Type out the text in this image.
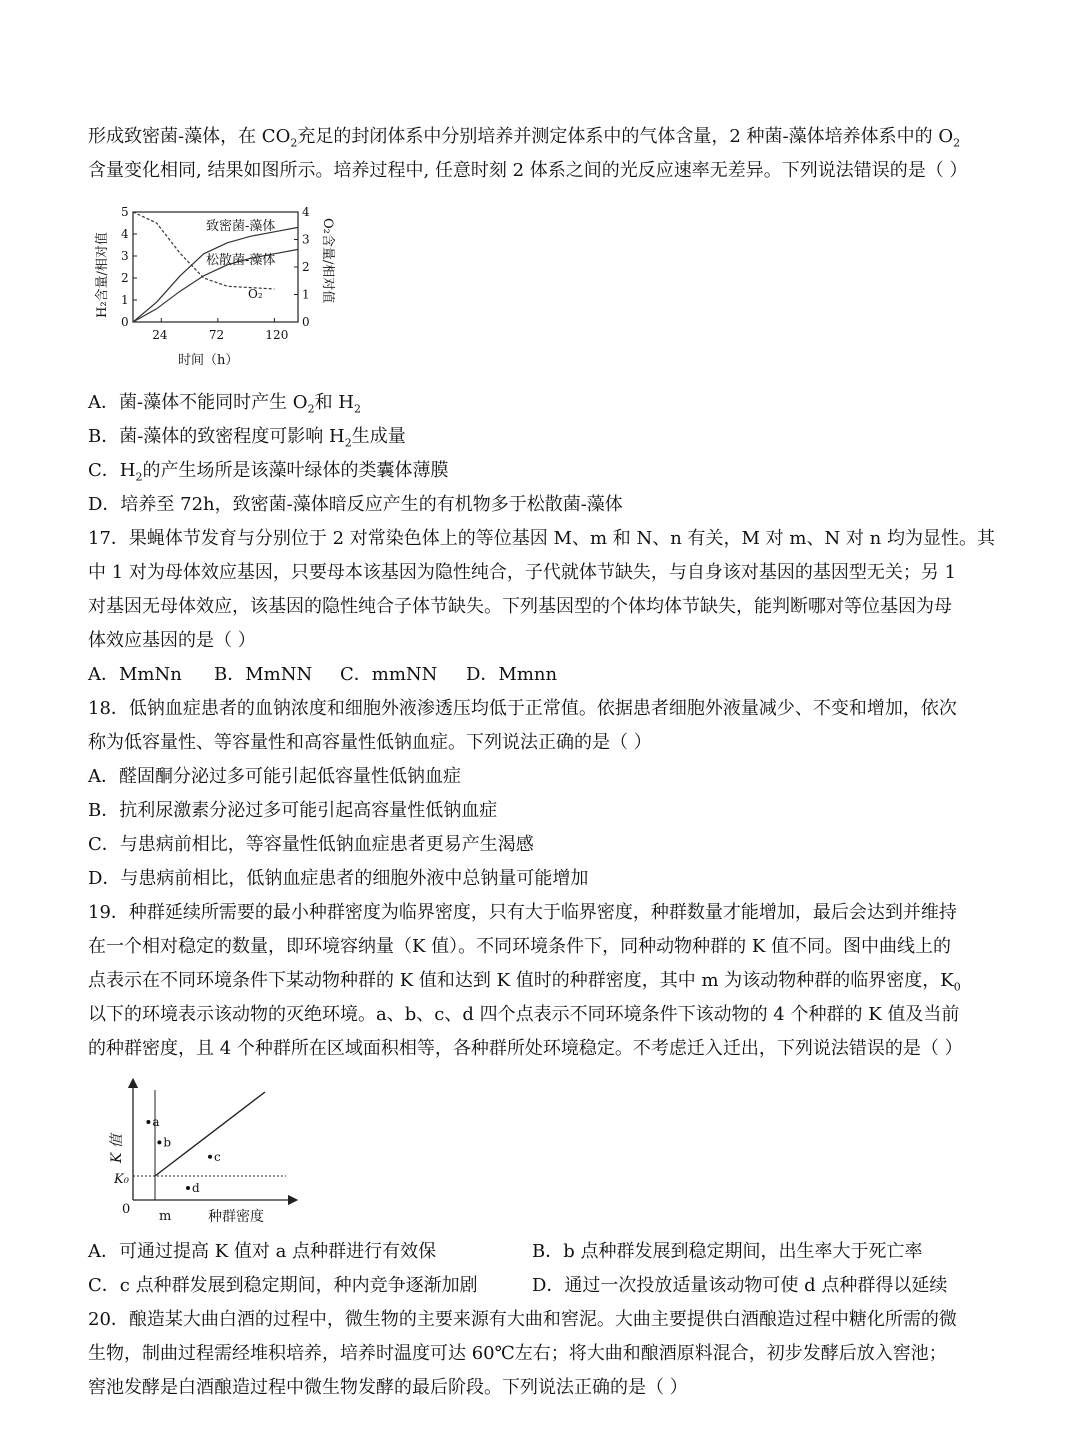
形成致密菌-藻体，在 $CO_2$充足的封闭体系中分别培养并测定体系中的气体含量，2 种菌-藻体培养体系中的 $O_2$
含量变化相同, 结果如图所示。培养过程中, 任意时刻 2 体系之间的光反应速率无差异。下列说法错误的是（ ）
0
1
2
3
4
5
0
1
2
3
4
24	72	120
H₂含量/相对值	O₂含量/相对值
时间（h）
致密菌-藻体
松散菌-藻体
O₂
A．菌-藻体不能同时产生 $O_2$和 $H_2$
B．菌-藻体的致密程度可影响 $H_2$生成量
C．$H_2$的产生场所是该藻叶绿体的类囊体薄膜
D．培养至 72h，致密菌-藻体暗反应产生的有机物多于松散菌-藻体
17．果蝇体节发育与分别位于 2 对常染色体上的等位基因 M、m 和 N、n 有关，M 对 m、N 对 n 均为显性。其
中 1 对为母体效应基因，只要母本该基因为隐性纯合，子代就体节缺失，与自身该对基因的基因型无关；另 1
对基因无母体效应，该基因的隐性纯合子体节缺失。下列基因型的个体均体节缺失，能判断哪对等位基因为母
体效应基因的是（ ）
A．MmNn B．MmNN C．mmNN D．Mmnn
18．低钠血症患者的血钠浓度和细胞外液渗透压均低于正常值。依据患者细胞外液量减少、不变和增加，依次
称为低容量性、等容量性和高容量性低钠血症。下列说法正确的是（ ）
A．醛固酮分泌过多可能引起低容量性低钠血症
B．抗利尿激素分泌过多可能引起高容量性低钠血症
C．与患病前相比，等容量性低钠血症患者更易产生渴感
D．与患病前相比，低钠血症患者的细胞外液中总钠量可能增加
19．种群延续所需要的最小种群密度为临界密度，只有大于临界密度，种群数量才能增加，最后会达到并维持
在一个相对稳定的数量，即环境容纳量（K 值）。不同环境条件下，同种动物种群的 K 值不同。图中曲线上的
点表示在不同环境条件下某动物种群的 K 值和达到 K 值时的种群密度，其中 m 为该动物种群的临界密度，$K_0$
以下的环境表示该动物的灭绝环境。a、b、c、d 四个点表示不同环境条件下该动物的 4 个种群的 K 值及当前
的种群密度，且 4 个种群所在区域面积相等，各种群所处环境稳定。不考虑迁入迁出，下列说法错误的是（ ）
a
b
c
d
K 值
种群密度
K₀
0 m
A．可通过提高 K 值对 a 点种群进行有效保	B．b 点种群发展到稳定期间，出生率大于死亡率
C．c 点种群发展到稳定期间，种内竞争逐渐加剧	D．通过一次投放适量该动物可使 d 点种群得以延续
20．酿造某大曲白酒的过程中，微生物的主要来源有大曲和窖泥。大曲主要提供白酒酿造过程中糖化所需的微
生物，制曲过程需经堆积培养，培养时温度可达 60℃左右；将大曲和酿酒原料混合，初步发酵后放入窖池；
窖池发酵是白酒酿造过程中微生物发酵的最后阶段。下列说法正确的是（ ）
